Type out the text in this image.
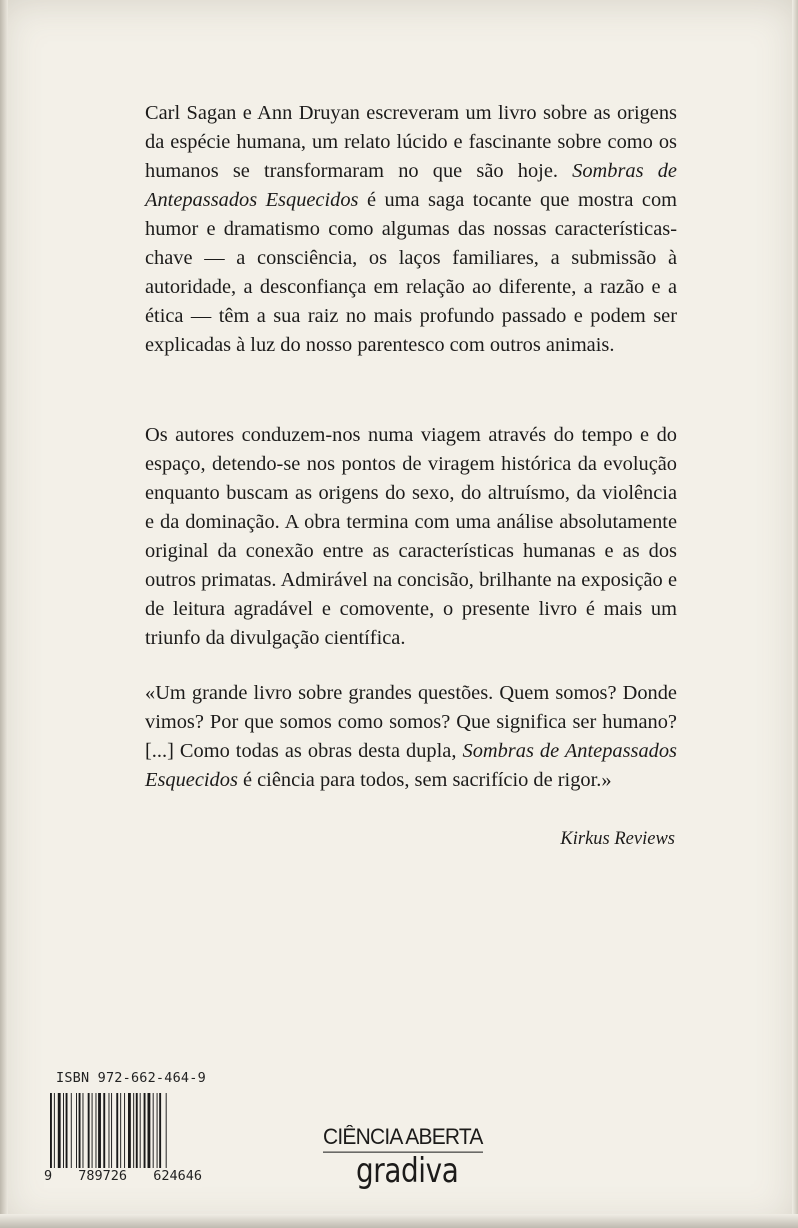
Carl Sagan e Ann Druyan escreveram um livro sobre as origens da espécie humana, um relato lúcido e fascinante sobre como os humanos se transformaram no que são hoje. Sombras de Antepassados Esquecidos é uma saga tocante que mostra com humor e dramatismo como algumas das nossas características-chave — a consciência, os laços familiares, a submissão à autoridade, a desconfiança em relação ao diferente, a razão e a ética — têm a sua raiz no mais profundo passado e podem ser explicadas à luz do nosso parentesco com outros animais.

Os autores conduzem-nos numa viagem através do tempo e do espaço, detendo-se nos pontos de viragem histórica da evolução enquanto buscam as origens do sexo, do altruísmo, da violência e da dominação. A obra termina com uma análise absolutamente original da conexão entre as características humanas e as dos outros primatas. Admirável na concisão, brilhante na exposição e de leitura agradável e comovente, o presente livro é mais um triunfo da divulgação científica.

«Um grande livro sobre grandes questões. Quem somos? Donde vimos? Por que somos como somos? Que significa ser humano? [...] Como todas as obras desta dupla, Sombras de Antepassados Esquecidos é ciência para todos, sem sacrifício de rigor.»

Kirkus Reviews
ISBN 972-662-464-9
9 789726 624646
CIÊNCIA ABERTA
gradiva
